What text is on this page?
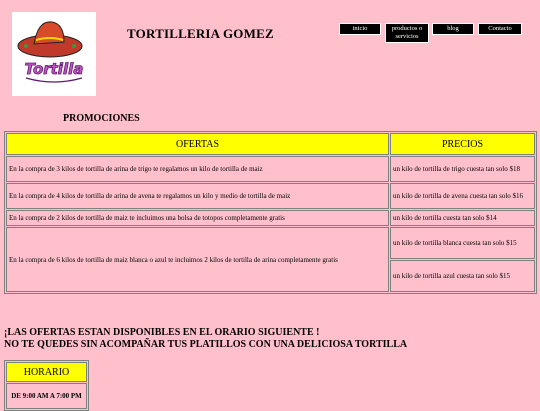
Tortilla
TORTILLERIA GOMEZ	inicio	productos o servicios
blog	Contacto
PROMOCIONES
OFERTAS	PRECIOS
En la compra de 3 kilos de tortilla de arina de trigo te regalamos un kilo de tortilla de maiz	un kilo de tortilla de trigo cuesta tan solo $18
En la compra de 4 kilos de tortilla de arina de avena te regalamos un kilo y medio de tortilla de maiz	un kilo de tortilla de avena cuesta tan solo $16
En la compra de 2 kilos de tortilla de maiz te incluimos una bolsa de totopos completamente gratis	un kilo de tortilla cuesta tan solo $14
En la compra de 6 kilos de tortilla de maiz blanca o azul te incluimos 2 kilos de tortilla de arina completamente gratis	un kilo de tortilla blanca cuesta tan solo $15
	un kilo de tortilla azul cuesta tan solo $15
¡LAS OFERTAS ESTAN DISPONIBLES EN EL ORARIO SIGUIENTE !
NO TE QUEDES SIN ACOMPAÑAR TUS PLATILLOS CON UNA DELICIOSA TORTILLA
HORARIO
DE 9:00 AM A 7:00 PM
